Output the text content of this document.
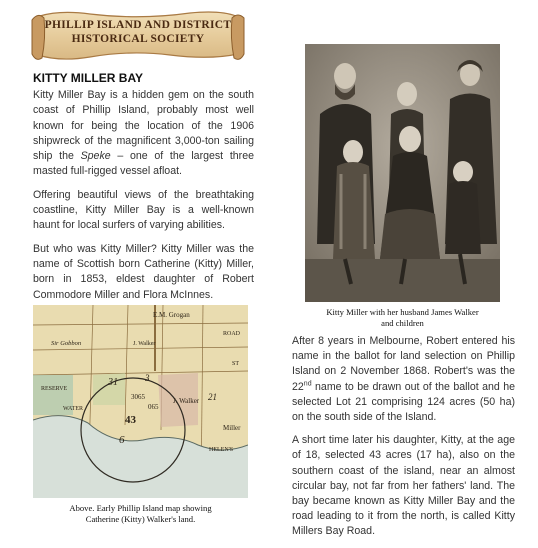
PHILLIP ISLAND AND DISTRICT
HISTORICAL SOCIETY
KITTY MILLER BAY

Kitty Miller Bay is a hidden gem on the south coast of Phillip Island, probably most well known for being the location of the 1906 shipwreck of the magnificent 3,000-ton sailing ship the Speke – one of the largest three masted full-rigged vessel afloat.

Offering beautiful views of the breathtaking coastline, Kitty Miller Bay is a well-known haunt for local surfers of varying abilities.

But who was Kitty Miller? Kitty Miller was the name of Scottish born Catherine (Kitty) Miller, born in 1853, eldest daughter of Robert Commodore Miller and Flora McInnes.

Kitty Miller with her husband James Walker
and children
E.M. Grogan
Sir Gobbon	J. Walker
RESERVE
WATER
31	3
3065
065
43
6
J. Walker
Miller
HELEN'S
ROAD
ST
21
Above. Early Phillip Island map showing
Catherine (Kitty) Walker's land.

After 8 years in Melbourne, Robert entered his name in the ballot for land selection on Phillip Island on 2 November 1868. Robert's was the 22nd name to be drawn out of the ballot and he selected Lot 21 comprising 124 acres (50 ha) on the south side of the Island.

A short time later his daughter, Kitty, at the age of 18, selected 43 acres (17 ha), also on the southern coast of the island, near an almost circular bay, not far from her fathers' land. The bay became known as Kitty Miller Bay and the road leading to it from the north, is called Kitty Millers Bay Road.
